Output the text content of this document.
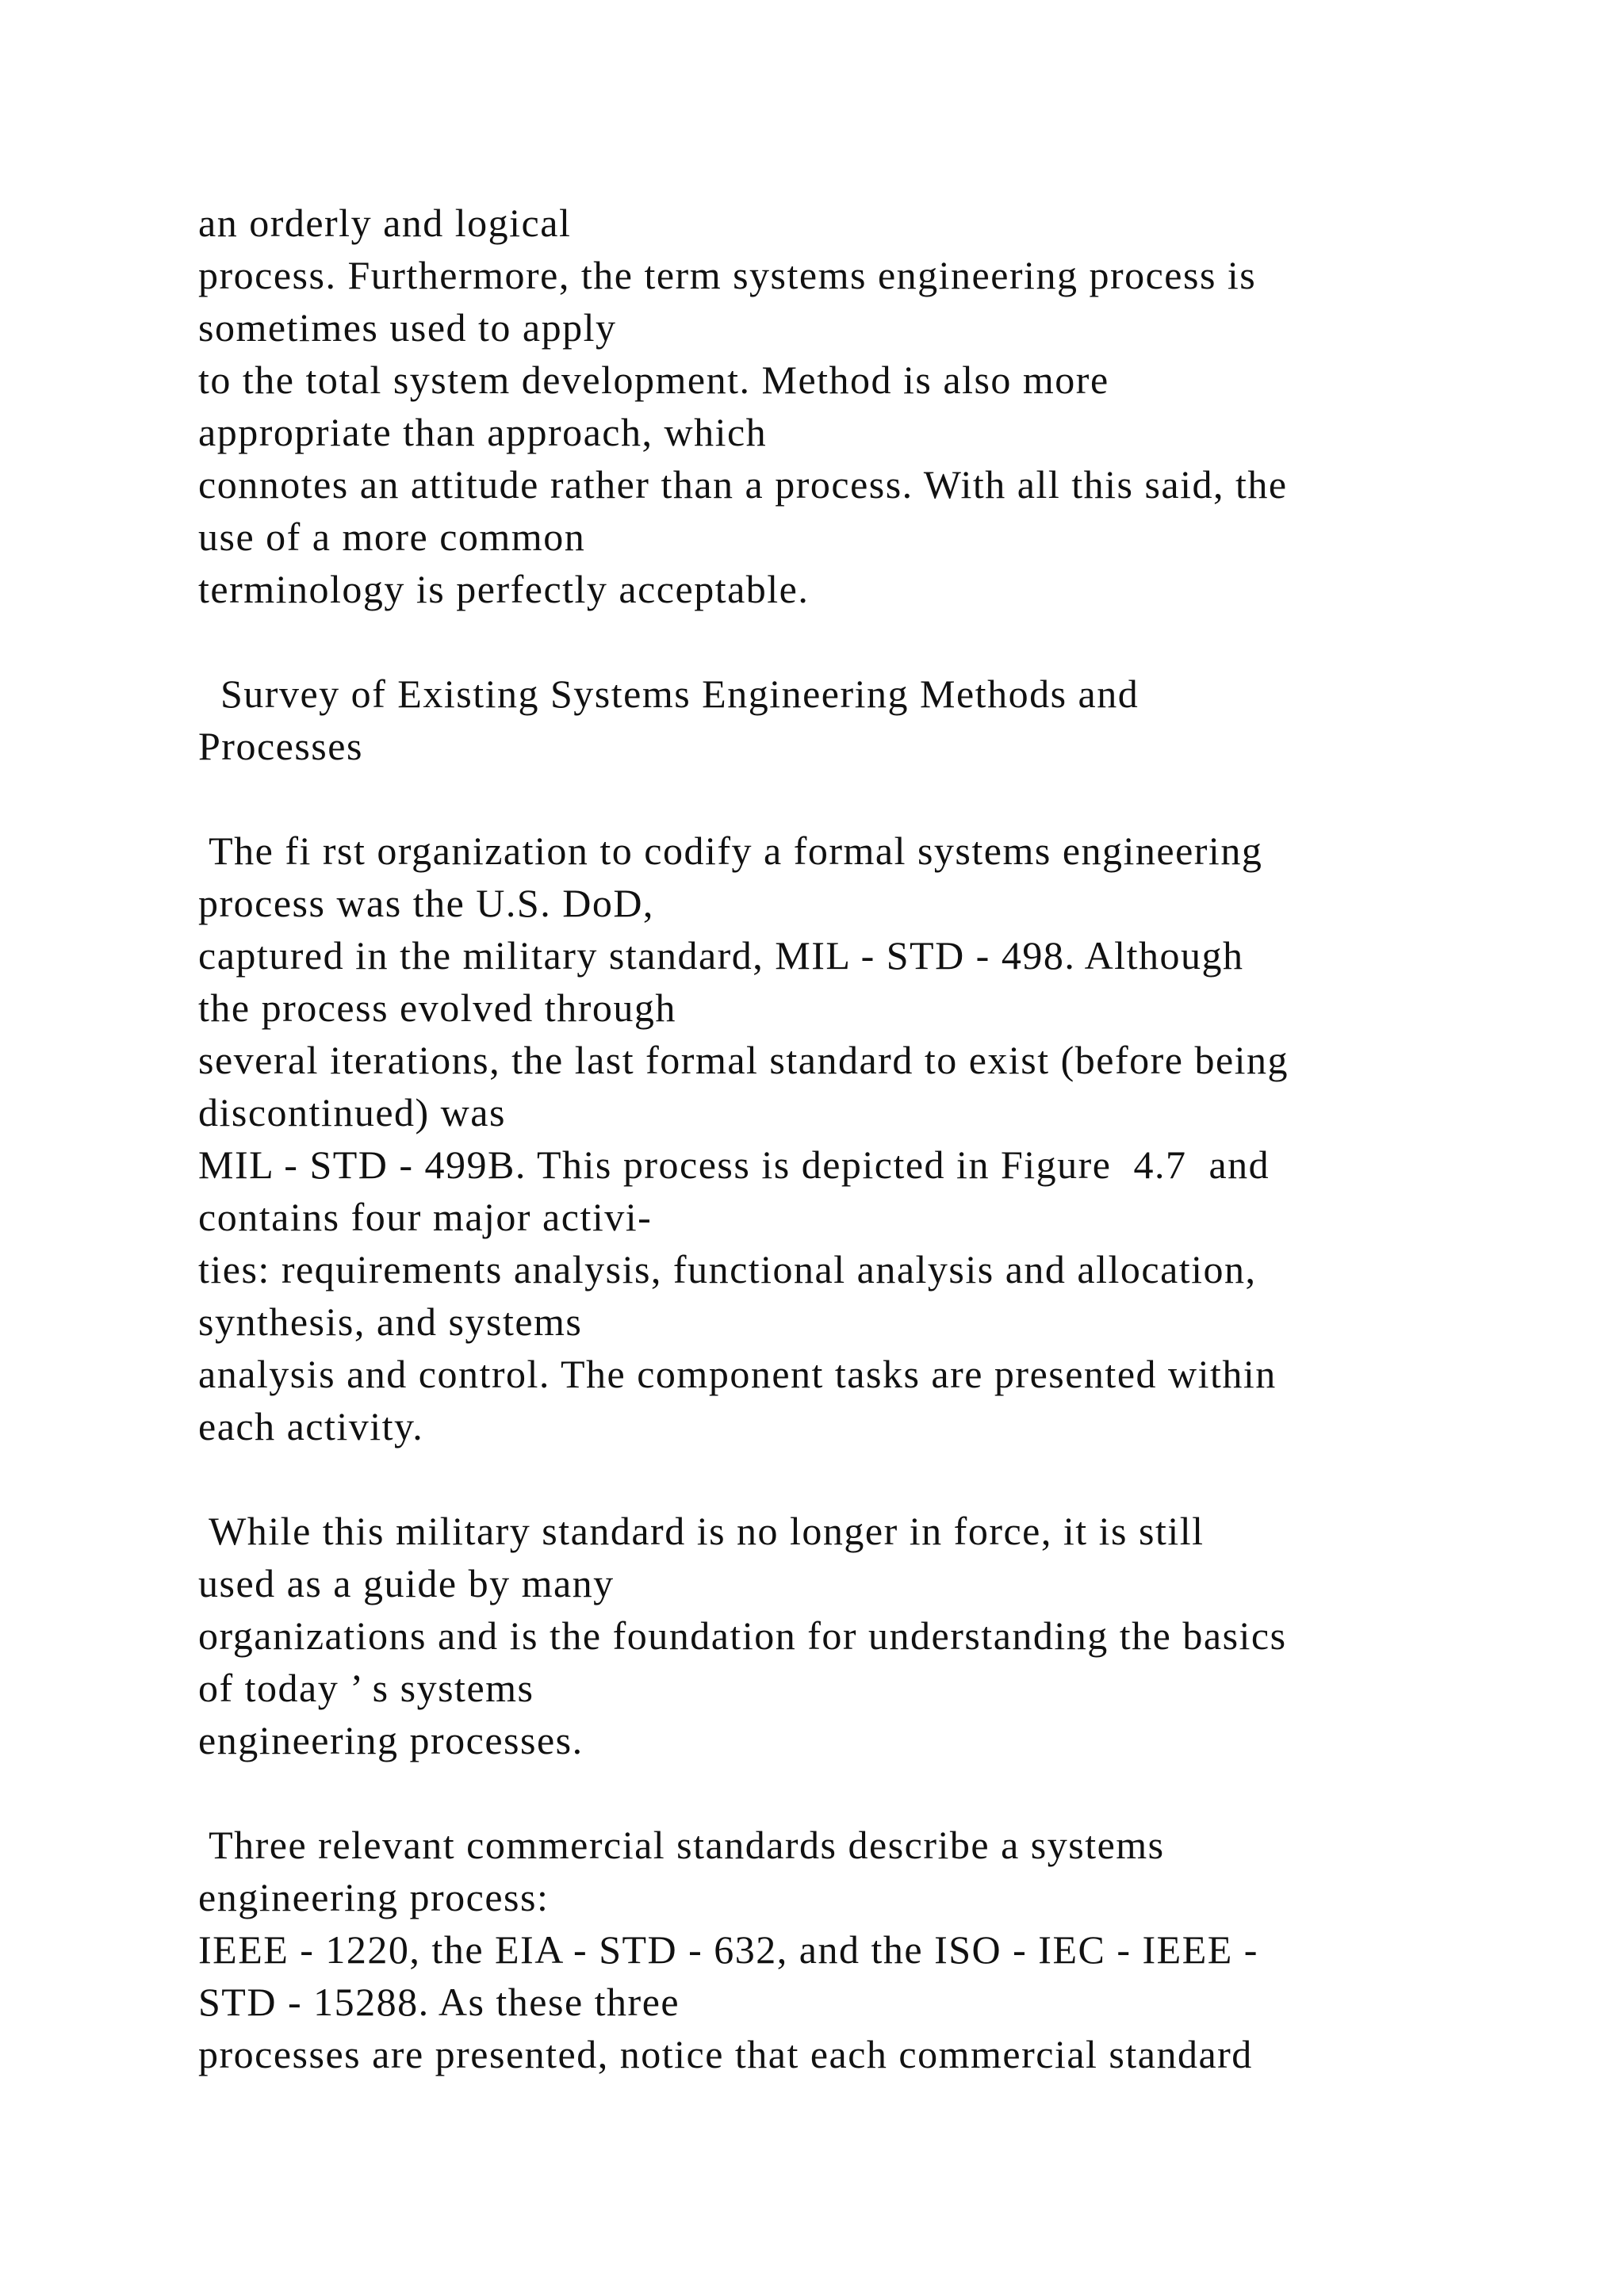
an orderly and logical

process. Furthermore, the term systems engineering process is

sometimes used to apply

to the total system development. Method is also more

appropriate than approach, which

connotes an attitude rather than a process. With all this said, the

use of a more common

terminology is perfectly acceptable.

Survey of Existing Systems Engineering Methods and

Processes

The fi rst organization to codify a formal systems engineering

process was the U.S. DoD,

captured in the military standard, MIL - STD - 498. Although

the process evolved through

several iterations, the last formal standard to exist (before being

discontinued) was

MIL - STD - 499B. This process is depicted in Figure  4.7  and

contains four major activi-

ties: requirements analysis, functional analysis and allocation,

synthesis, and systems

analysis and control. The component tasks are presented within

each activity.

While this military standard is no longer in force, it is still

used as a guide by many

organizations and is the foundation for understanding the basics

of today ’ s systems

engineering processes.

Three relevant commercial standards describe a systems

engineering process:

IEEE - 1220, the EIA - STD - 632, and the ISO - IEC - IEEE -

STD - 15288. As these three

processes are presented, notice that each commercial standard
